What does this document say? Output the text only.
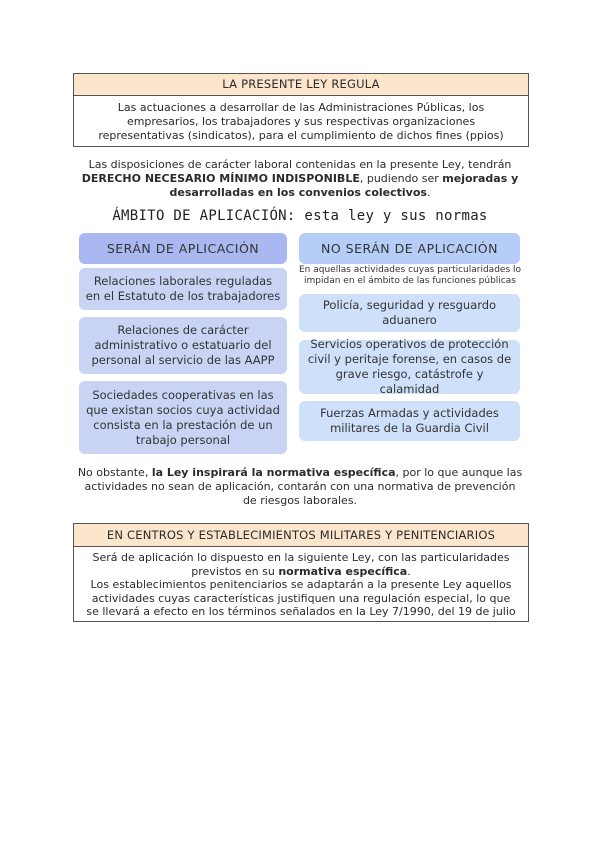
LA PRESENTE LEY REGULA
Las actuaciones a desarrollar de las Administraciones Públicas, los
empresarios, los trabajadores y sus respectivas organizaciones
representativas (sindicatos), para el cumplimiento de dichos fines (ppios)
Las disposiciones de carácter laboral contenidas en la presente Ley, tendrán
DERECHO NECESARIO MÍNIMO INDISPONIBLE, pudiendo ser mejoradas y
desarrolladas en los convenios colectivos.
ÁMBITO DE APLICACIÓN: esta ley y sus normas
SERÁN DE APLICACIÓN
Relaciones laborales reguladas en el Estatuto de los trabajadores
Relaciones de carácter administrativo o estatuario del personal al servicio de las AAPP
Sociedades cooperativas en las que existan socios cuya actividad consista en la prestación de un trabajo personal
NO SERÁN DE APLICACIÓN
En aquellas actividades cuyas particularidades lo impidan en el ámbito de las funciones públicas
Policía, seguridad y resguardo aduanero
Servicios operativos de protección civil y peritaje forense, en casos de grave riesgo, catástrofe y calamidad
Fuerzas Armadas y actividades militares de la Guardia Civil
No obstante, la Ley inspirará la normativa específica, por lo que aunque las
actividades no sean de aplicación, contarán con una normativa de prevención
de riesgos laborales.
EN CENTROS Y ESTABLECIMIENTOS MILITARES Y PENITENCIARIOS
Será de aplicación lo dispuesto en la siguiente Ley, con las particularidades
previstos en su normativa específica.
Los establecimientos penitenciarios se adaptarán a la presente Ley aquellos
actividades cuyas características justifiquen una regulación especial, lo que
se llevará a efecto en los términos señalados en la Ley 7/1990, del 19 de julio
